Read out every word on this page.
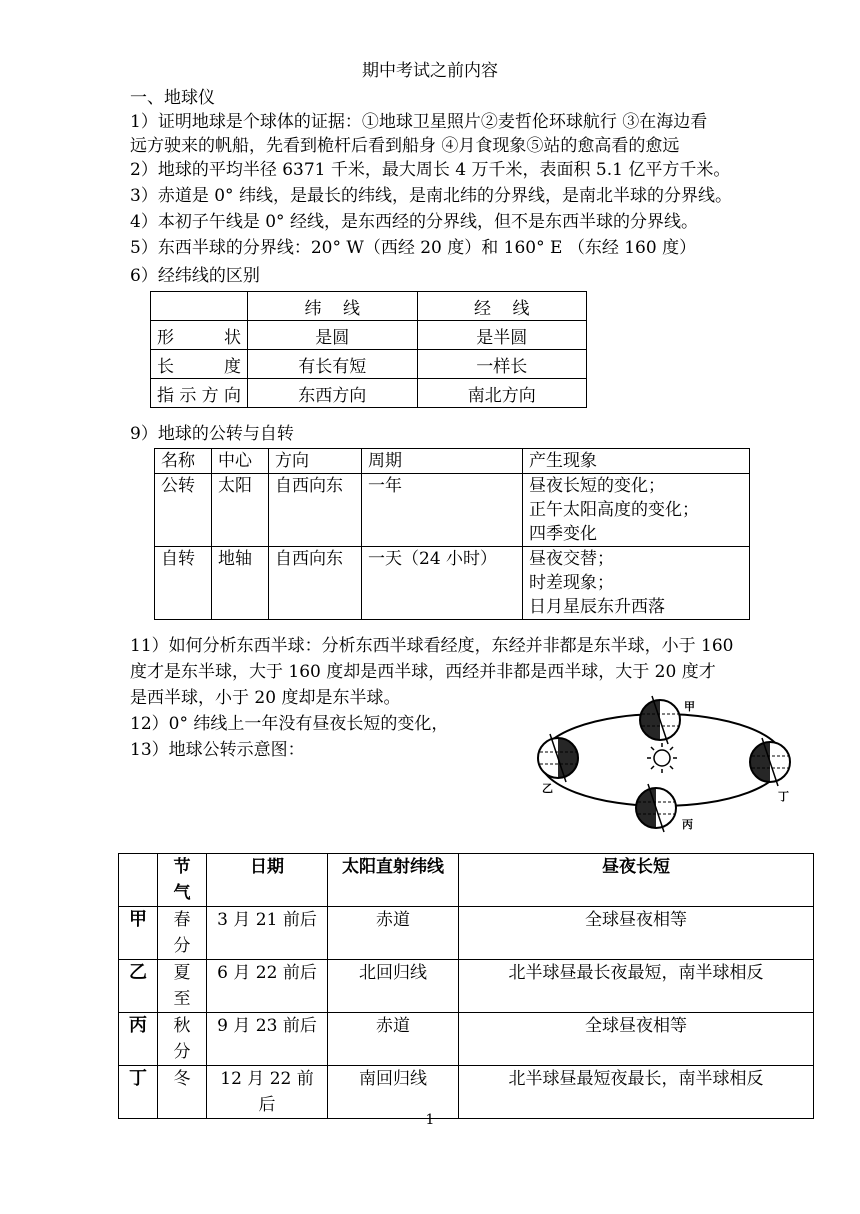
期中考试之前内容
一、地球仪
1）证明地球是个球体的证据：①地球卫星照片②麦哲伦环球航行 ③在海边看
远方驶来的帆船，先看到桅杆后看到船身 ④月食现象⑤站的愈高看的愈远
2）地球的平均半径 6371 千米，最大周长 4 万千米，表面积 5.1 亿平方千米。
3）赤道是 0° 纬线，是最长的纬线，是南北纬的分界线，是南北半球的分界线。
4）本初子午线是 0° 经线，是东西经的分界线，但不是东西半球的分界线。
5）东西半球的分界线：20° W（西经 20 度）和 160° E （东经 160 度）
6）经纬线的区别
	纬    线	经    线
形状	是圆	是半圆
长度	有长有短	一样长
指示方向	东西方向	南北方向
9）地球的公转与自转
名称	中心	方向	周期	产生现象
公转	太阳	自西向东	一年	昼夜长短的变化；
正午太阳高度的变化；
四季变化

自转	地轴	自西向东	一天（24 小时）	昼夜交替；
时差现象；
日月星辰东升西落
11）如何分析东西半球：分析东西半球看经度，东经并非都是东半球，小于 160
度才是东半球，大于 160 度却是西半球，西经并非都是西半球，大于 20 度才
是西半球，小于 20 度却是东半球。
12）0° 纬线上一年没有昼夜长短的变化，
13）地球公转示意图：
甲
乙
丙
丁
	节气	日期	太阳直射纬线	昼夜长短
甲	春分	3 月 21 前后	赤道	全球昼夜相等
乙	夏至	6 月 22 前后	北回归线	北半球昼最长夜最短，南半球相反
丙	秋分	9 月 23 前后	赤道	全球昼夜相等
丁	冬	12 月 22 前后	南回归线	北半球昼最短夜最长，南半球相反
1
